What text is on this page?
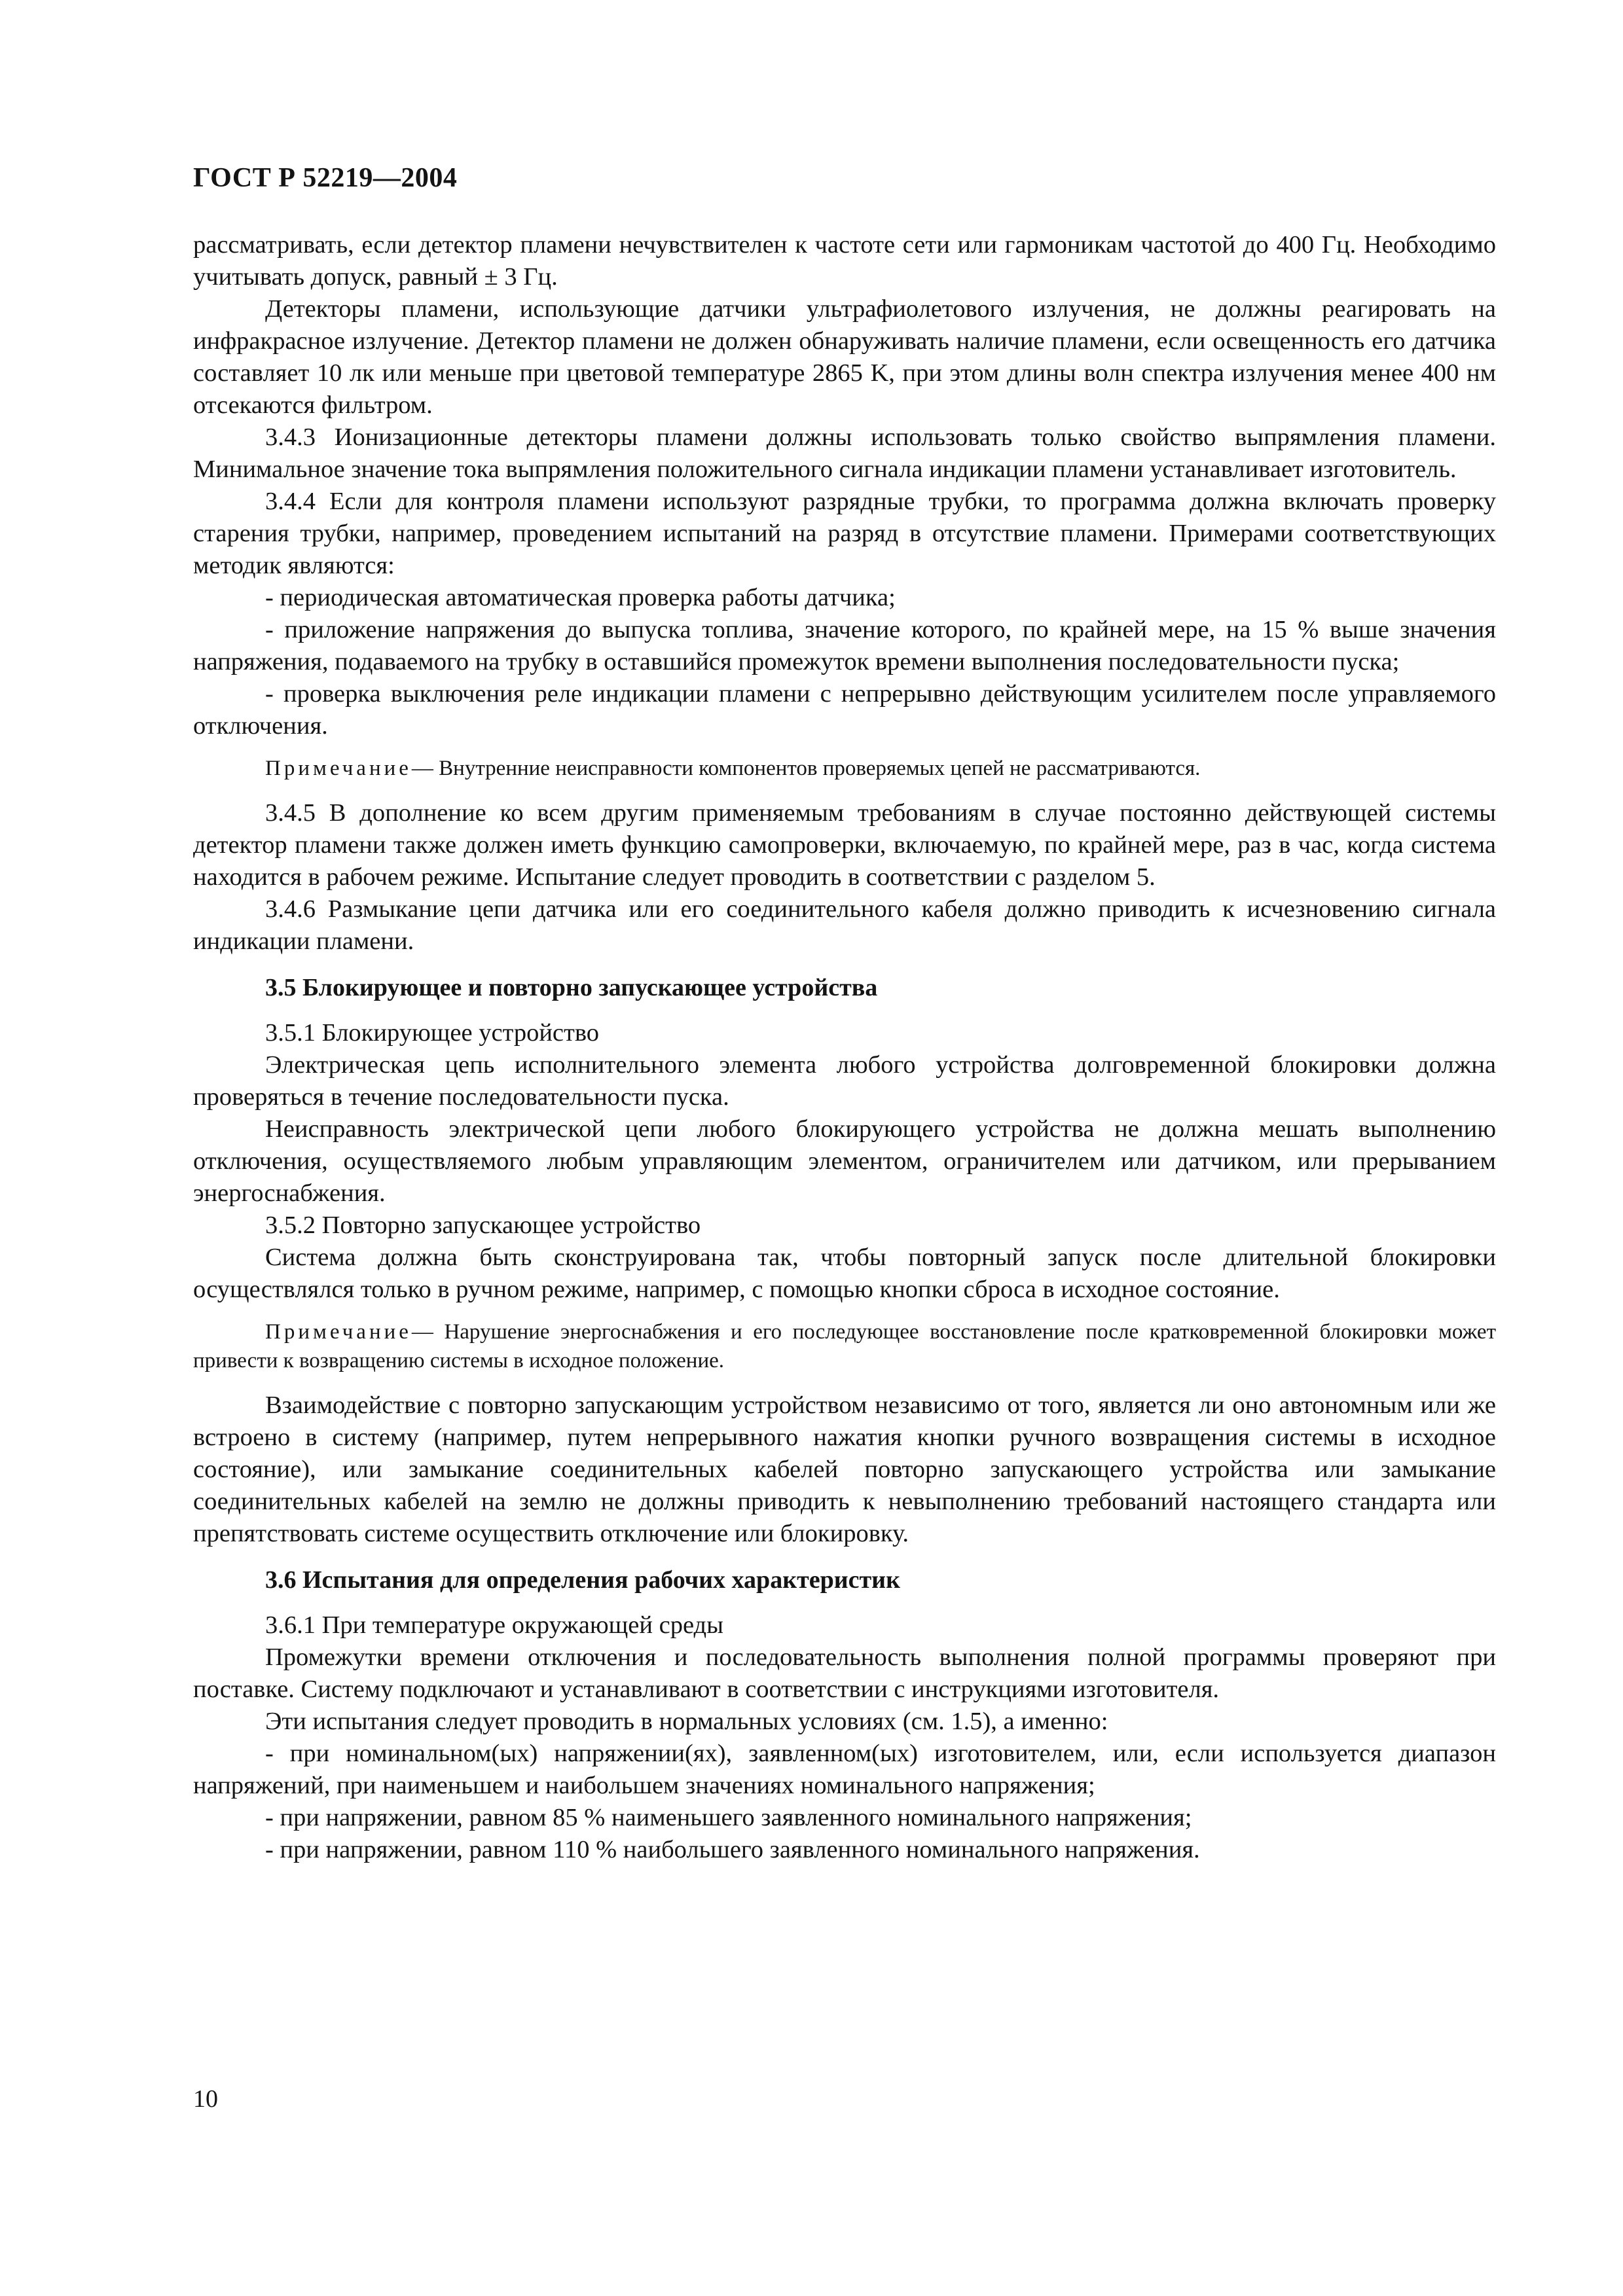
ГОСТ Р 52219—2004

рассматривать, если детектор пламени нечувствителен к частоте сети или гармоникам частотой до 400 Гц. Необходимо учитывать допуск, равный ± 3 Гц.

Детекторы пламени, использующие датчики ультрафиолетового излучения, не должны реагировать на инфракрасное излучение. Детектор пламени не должен обнаруживать наличие пламени, если освещенность его датчика составляет 10 лк или меньше при цветовой температуре 2865 K, при этом длины волн спектра излучения менее 400 нм отсекаются фильтром.

3.4.3 Ионизационные детекторы пламени должны использовать только свойство выпрямления пламени. Минимальное значение тока выпрямления положительного сигнала индикации пламени устанавливает изготовитель.

3.4.4 Если для контроля пламени используют разрядные трубки, то программа должна включать проверку старения трубки, например, проведением испытаний на разряд в отсутствие пламени. Примерами соответствующих методик являются:

- периодическая автоматическая проверка работы датчика;

- приложение напряжения до выпуска топлива, значение которого, по крайней мере, на 15 % выше значения напряжения, подаваемого на трубку в оставшийся промежуток времени выполнения последовательности пуска;

- проверка выключения реле индикации пламени с непрерывно действующим усилителем после управляемого отключения.

Примечание— Внутренние неисправности компонентов проверяемых цепей не рассматриваются.

3.4.5 В дополнение ко всем другим применяемым требованиям в случае постоянно действующей системы детектор пламени также должен иметь функцию самопроверки, включаемую, по крайней мере, раз в час, когда система находится в рабочем режиме. Испытание следует проводить в соответствии с разделом 5.

3.4.6 Размыкание цепи датчика или его соединительного кабеля должно приводить к исчезновению сигнала индикации пламени.

3.5 Блокирующее и повторно запускающее устройства

3.5.1 Блокирующее устройство

Электрическая цепь исполнительного элемента любого устройства долговременной блокировки должна проверяться в течение последовательности пуска.

Неисправность электрической цепи любого блокирующего устройства не должна мешать выполнению отключения, осуществляемого любым управляющим элементом, ограничителем или датчиком, или прерыванием энергоснабжения.

3.5.2 Повторно запускающее устройство

Система должна быть сконструирована так, чтобы повторный запуск после длительной блокировки осуществлялся только в ручном режиме, например, с помощью кнопки сброса в исходное состояние.

Примечание— Нарушение энергоснабжения и его последующее восстановление после кратковременной блокировки может привести к возвращению системы в исходное положение.

Взаимодействие с повторно запускающим устройством независимо от того, является ли оно автономным или же встроено в систему (например, путем непрерывного нажатия кнопки ручного возвращения системы в исходное состояние), или замыкание соединительных кабелей повторно запускающего устройства или замыкание соединительных кабелей на землю не должны приводить к невыполнению требований настоящего стандарта или препятствовать системе осуществить отключение или блокировку.

3.6 Испытания для определения рабочих характеристик

3.6.1 При температуре окружающей среды

Промежутки времени отключения и последовательность выполнения полной программы проверяют при поставке. Систему подключают и устанавливают в соответствии с инструкциями изготовителя.

Эти испытания следует проводить в нормальных условиях (см. 1.5), а именно:

- при номинальном(ых) напряжении(ях), заявленном(ых) изготовителем, или, если используется диапазон напряжений, при наименьшем и наибольшем значениях номинального напряжения;

- при напряжении, равном 85 % наименьшего заявленного номинального напряжения;

- при напряжении, равном 110 % наибольшего заявленного номинального напряжения.

10
